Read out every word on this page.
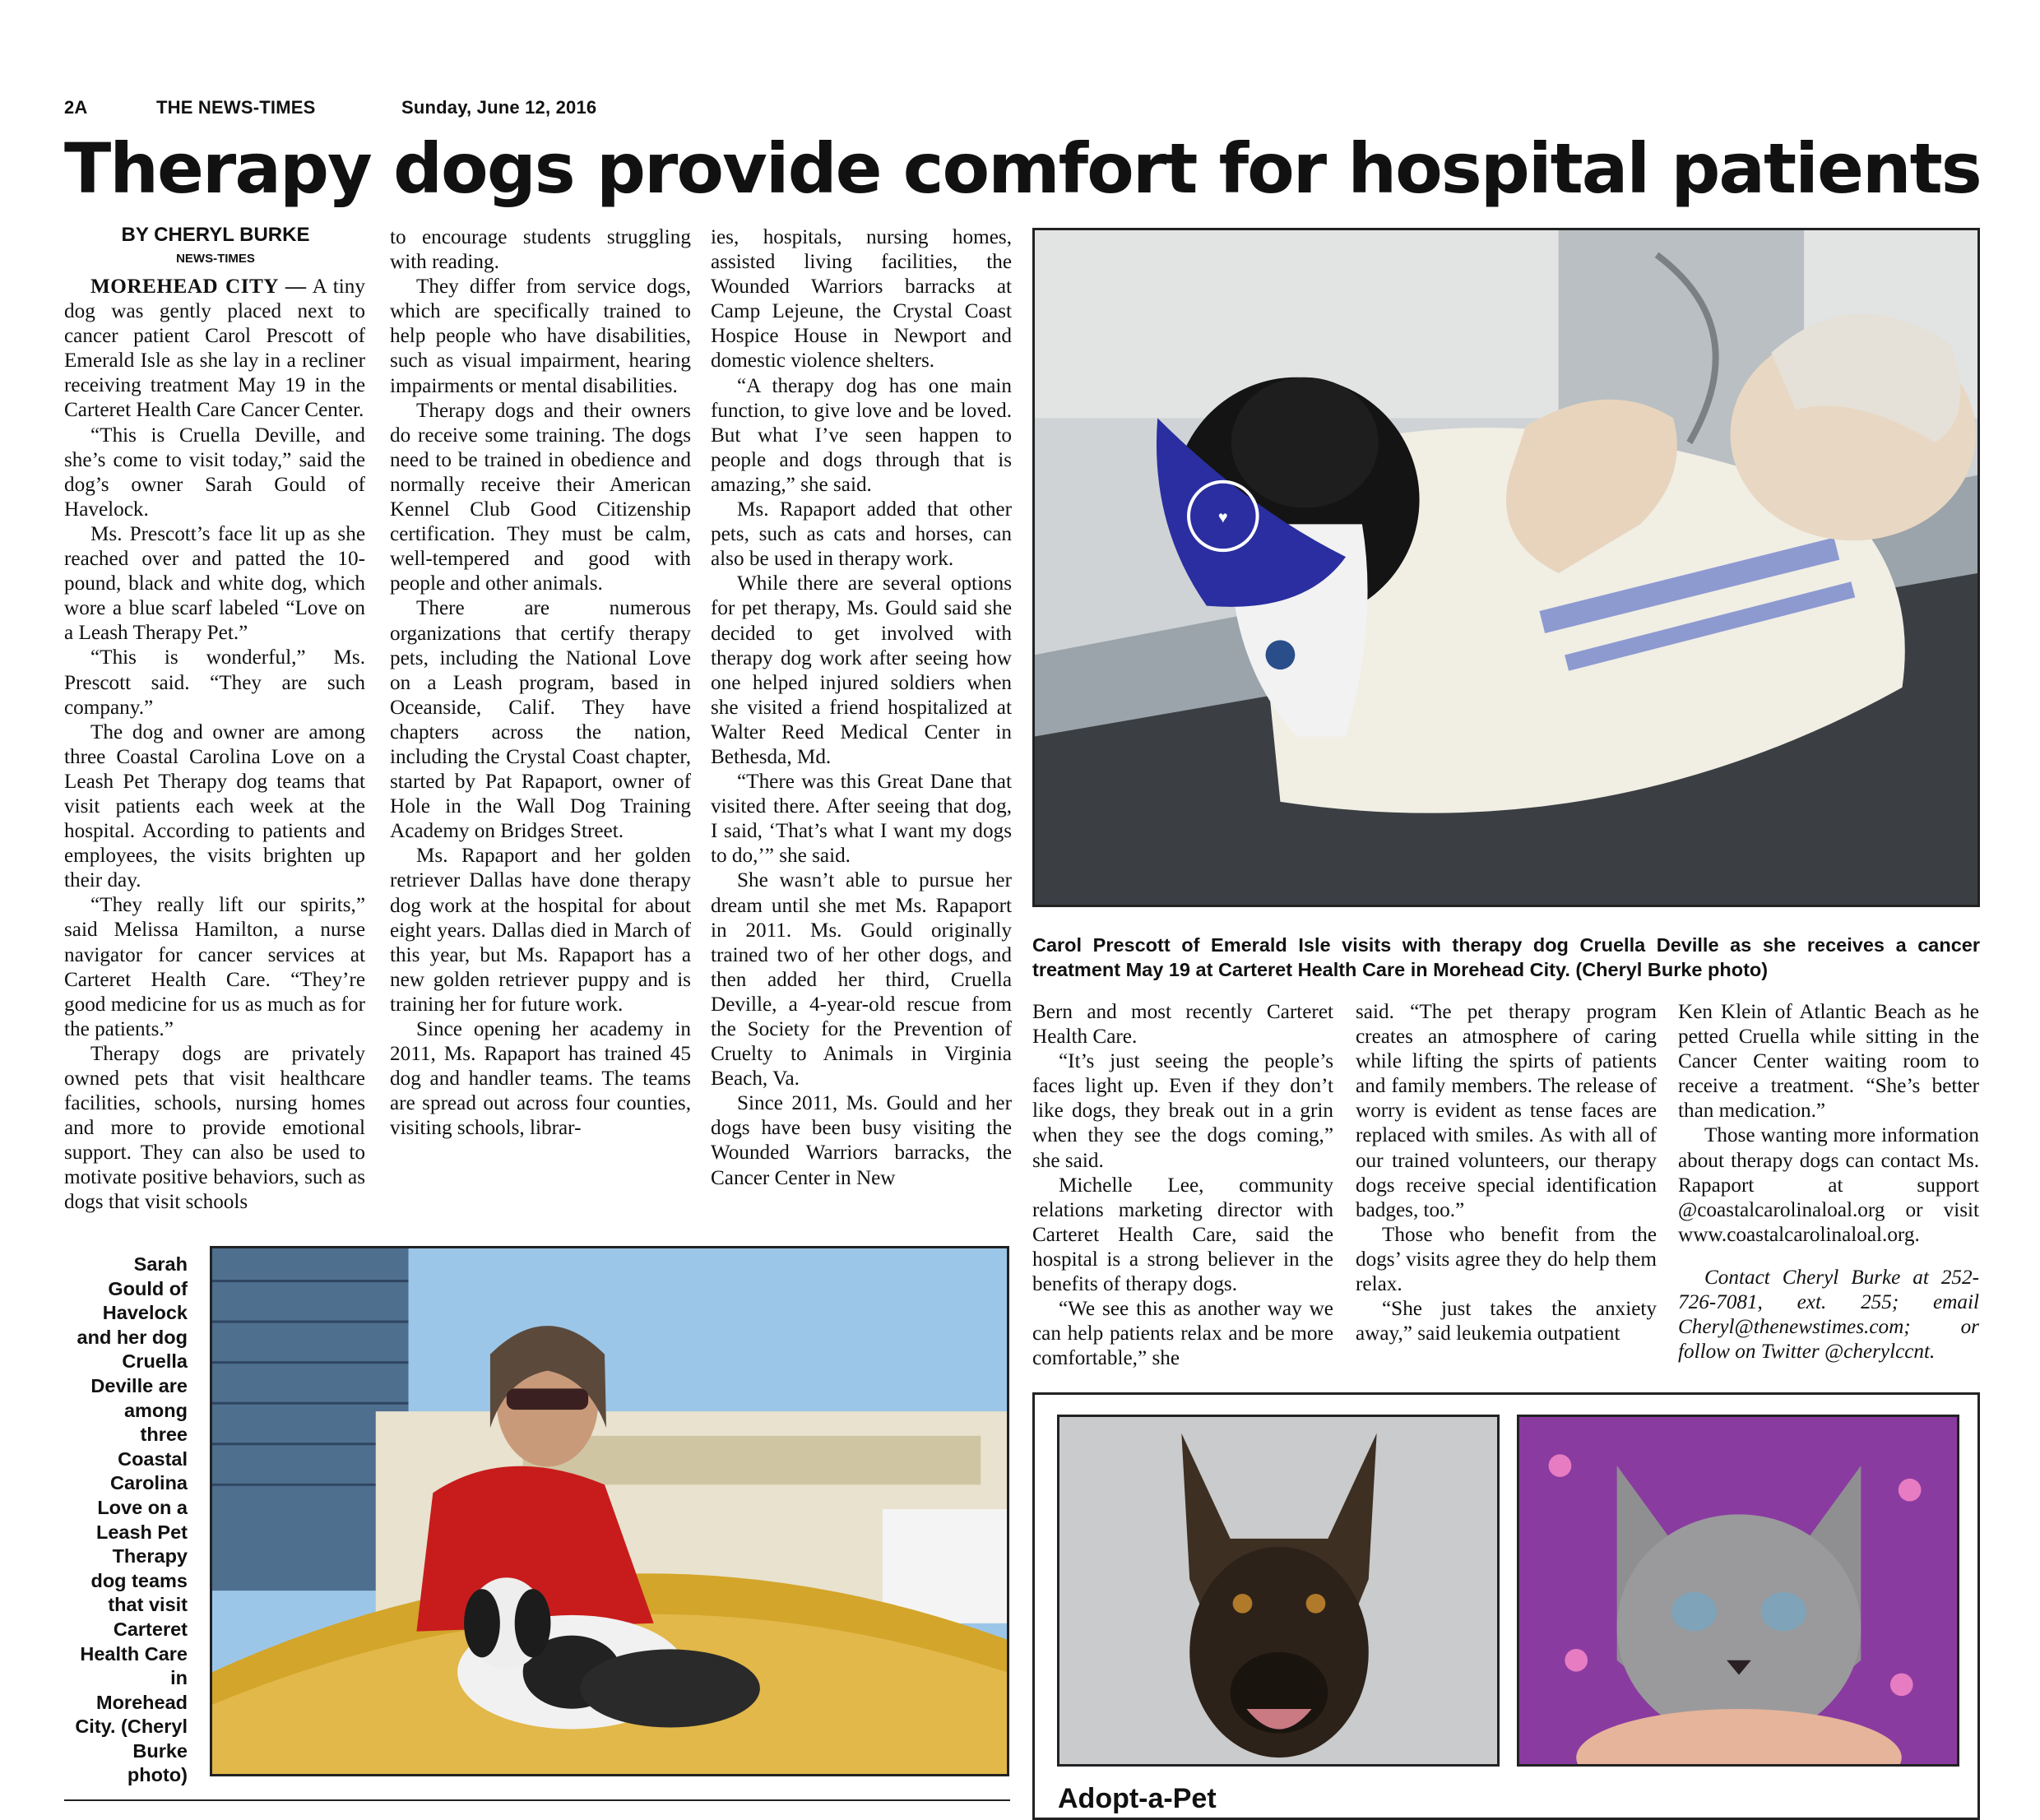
2A	THE NEWS-TIMES	Sunday, June 12, 2016
Therapy dogs provide comfort for hospital patients
BY CHERYL BURKE
NEWS-TIMES

MOREHEAD CITY — A tiny dog was gently placed next to cancer patient Carol Prescott of Emerald Isle as she lay in a recliner receiving treatment May 19 in the Carteret Health Care Cancer Center.

“This is Cruella Deville, and she’s come to visit today,” said the dog’s owner Sarah Gould of Havelock.

Ms. Prescott’s face lit up as she reached over and patted the 10-pound, black and white dog, which wore a blue scarf labeled “Love on a Leash Therapy Pet.”

“This is wonderful,” Ms. Prescott said. “They are such company.”

The dog and owner are among three Coastal Carolina Love on a Leash Pet Therapy dog teams that visit patients each week at the hospital. According to patients and employees, the visits brighten up their day.

“They really lift our spirits,” said Melissa Hamilton, a nurse navigator for cancer services at Carteret Health Care. “They’re good medicine for us as much as for the patients.”

Therapy dogs are privately owned pets that visit healthcare facilities, schools, nursing homes and more to provide emotional support. They can also be used to motivate positive behaviors, such as dogs that visit schools

to encourage students struggling with reading.

They differ from service dogs, which are specifically trained to help people who have disabilities, such as visual impairment, hearing impairments or mental disabilities.

Therapy dogs and their owners do receive some training. The dogs need to be trained in obedience and normally receive their American Kennel Club Good Citizenship certification. They must be calm, well-tempered and good with people and other animals.

There are numerous organizations that certify therapy pets, including the National Love on a Leash program, based in Oceanside, Calif. They have chapters across the nation, including the Crystal Coast chapter, started by Pat Rapaport, owner of Hole in the Wall Dog Training Academy on Bridges Street.

Ms. Rapaport and her golden retriever Dallas have done therapy dog work at the hospital for about eight years. Dallas died in March of this year, but Ms. Rapaport has a new golden retriever puppy and is training her for future work.

Since opening her academy in 2011, Ms. Rapaport has trained 45 dog and handler teams. The teams are spread out across four counties, visiting schools, librar-

ies, hospitals, nursing homes, assisted living facilities, the Wounded Warriors barracks at Camp Lejeune, the Crystal Coast Hospice House in Newport and domestic violence shelters.

“A therapy dog has one main function, to give love and be loved. But what I’ve seen happen to people and dogs through that is amazing,” she said.

Ms. Rapaport added that other pets, such as cats and horses, can also be used in therapy work.

While there are several options for pet therapy, Ms. Gould said she decided to get involved with therapy dog work after seeing how one helped injured soldiers when she visited a friend hospitalized at Walter Reed Medical Center in Bethesda, Md.

“There was this Great Dane that visited there. After seeing that dog, I said, ‘That’s what I want my dogs to do,’” she said.

She wasn’t able to pursue her dream until she met Ms. Rapaport in 2011. Ms. Gould originally trained two of her other dogs, and then added her third, Cruella Deville, a 4-year-old rescue from the Society for the Prevention of Cruelty to Animals in Virginia Beach, Va.

Since 2011, Ms. Gould and her dogs have been busy visiting the Wounded Warriors barracks, the Cancer Center in New

♥
Carol Prescott of Emerald Isle visits with therapy dog Cruella Deville as she receives a cancer treatment May 19 at Carteret Health Care in Morehead City. (Cheryl Burke photo)

Bern and most recently Carteret Health Care.

“It’s just seeing the people’s faces light up. Even if they don’t like dogs, they break out in a grin when they see the dogs coming,” she said.

Michelle Lee, community relations marketing director with Carteret Health Care, said the hospital is a strong believer in the benefits of therapy dogs.

“We see this as another way we can help patients relax and be more comfortable,” she

said. “The pet therapy program creates an atmosphere of caring while lifting the spirts of patients and family members. The release of worry is evident as tense faces are replaced with smiles. As with all of our trained volunteers, our therapy dogs receive special identification badges, too.”

Those who benefit from the dogs’ visits agree they do help them relax.

“She just takes the anxiety away,” said leukemia outpatient

Ken Klein of Atlantic Beach as he petted Cruella while sitting in the Cancer Center waiting room to receive a treatment. “She’s better than medication.”

Those wanting more information about therapy dogs can contact Ms. Rapaport at support @coastalcarolinaloal.org or visit www.coastalcarolinaloal.org.

Contact Cheryl Burke at 252-726-7081, ext. 255; email Cheryl@thenewstimes.com; or follow on Twitter @cherylccnt.

Sarah Gould of Havelock and her dog Cruella Deville are among three Coastal Carolina Love on a Leash Pet Therapy dog teams that visit Carteret Health Care in Morehead City. (Cheryl Burke photo)
Adopt-a-Pet
